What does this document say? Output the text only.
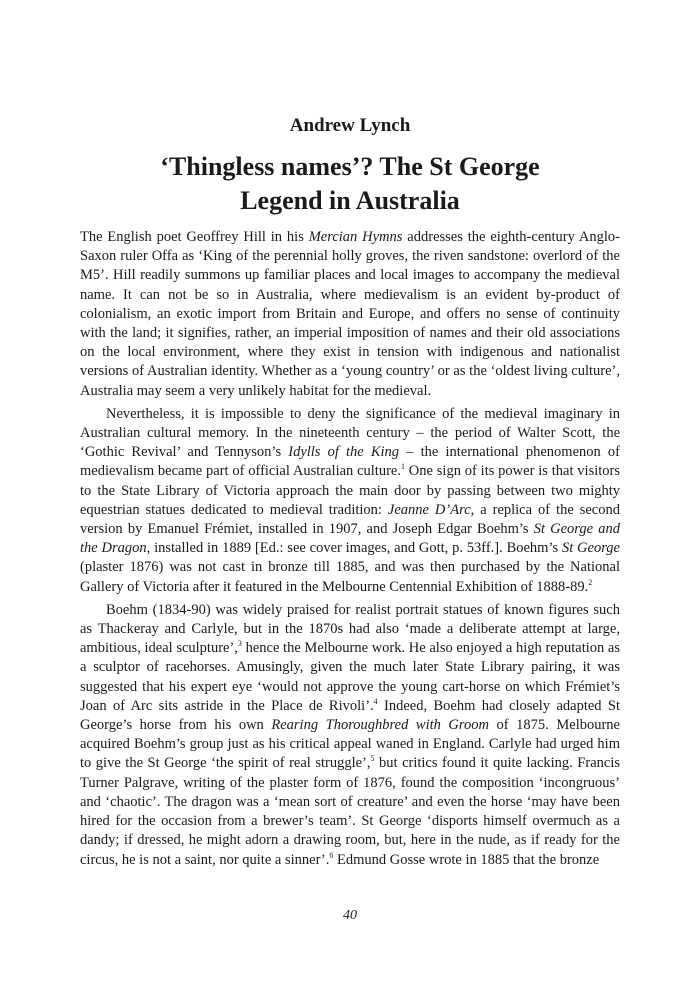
Andrew Lynch

‘Thingless names’? The St George
Legend in Australia

The English poet Geoffrey Hill in his Mercian Hymns addresses the eighth-century Anglo-Saxon ruler Offa as ‘King of the perennial holly groves, the riven sandstone: overlord of the M5’. Hill readily summons up familiar places and local images to accompany the medieval name. It can not be so in Australia, where medievalism is an evident by-product of colonialism, an exotic import from Britain and Europe, and offers no sense of continuity with the land; it signifies, rather, an imperial imposition of names and their old associations on the local environment, where they exist in tension with indigenous and nationalist versions of Australian identity. Whether as a ‘young country’ or as the ‘oldest living culture’, Australia may seem a very unlikely habitat for the medieval.

Nevertheless, it is impossible to deny the significance of the medieval imaginary in Australian cultural memory. In the nineteenth century – the period of Walter Scott, the ‘Gothic Revival’ and Tennyson’s Idylls of the King – the international phenomenon of medievalism became part of official Australian culture.$^1$ One sign of its power is that visitors to the State Library of Victoria approach the main door by passing between two mighty equestrian statues dedicated to medieval tradition: Jeanne D’Arc, a replica of the second version by Emanuel Frémiet, installed in 1907, and Joseph Edgar Boehm’s St George and the Dragon, installed in 1889 [Ed.: see cover images, and Gott, p. 53ff.]. Boehm’s St George (plaster 1876) was not cast in bronze till 1885, and was then purchased by the National Gallery of Victoria after it featured in the Melbourne Centennial Exhibition of 1888-89.$^2$

Boehm (1834-90) was widely praised for realist portrait statues of known figures such as Thackeray and Carlyle, but in the 1870s had also ‘made a deliberate attempt at large, ambitious, ideal sculpture’,$^3$ hence the Melbourne work. He also enjoyed a high reputation as a sculptor of racehorses. Amusingly, given the much later State Library pairing, it was suggested that his expert eye ‘would not approve the young cart-horse on which Frémiet’s Joan of Arc sits astride in the Place de Rivoli’.$^4$ Indeed, Boehm had closely adapted St George’s horse from his own Rearing Thoroughbred with Groom of 1875. Melbourne acquired Boehm’s group just as his critical appeal waned in England. Carlyle had urged him to give the St George ‘the spirit of real struggle’,$^5$ but critics found it quite lacking. Francis Turner Palgrave, writing of the plaster form of 1876, found the composition ‘incongruous’ and ‘chaotic’. The dragon was a ‘mean sort of creature’ and even the horse ‘may have been hired for the occasion from a brewer’s team’. St George ‘disports himself overmuch as a dandy; if dressed, he might adorn a drawing room, but, here in the nude, as if ready for the circus, he is not a saint, nor quite a sinner’.$^6$ Edmund Gosse wrote in 1885 that the bronze

40
